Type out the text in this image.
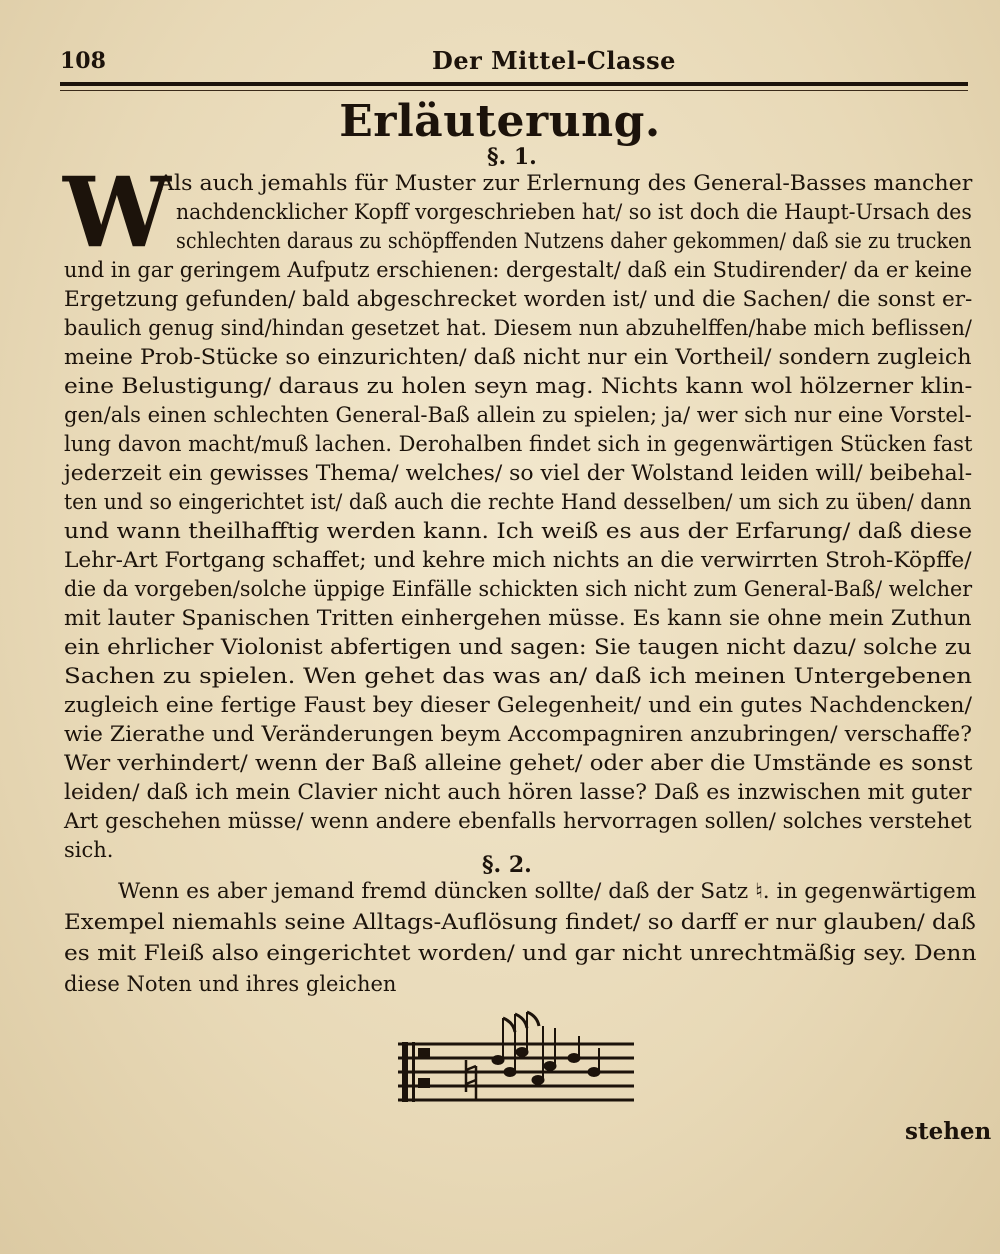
108	Der Mittel-Classe
Erläuterung.
§. 1.
W
Als auch jemahls für Muster zur Erlernung des General-Basses mancher
nachdencklicher Kopff vorgeschrieben hat/ so ist doch die Haupt-Ursach des
schlechten daraus zu schöpffenden Nutzens daher gekommen/ daß sie zu trucken
und in gar geringem Aufputz erschienen: dergestalt/ daß ein Studirender/ da er keine
Ergetzung gefunden/ bald abgeschrecket worden ist/ und die Sachen/ die sonst er-
baulich genug sind/hindan gesetzet hat. Diesem nun abzuhelffen/habe mich beflissen/
meine Prob-Stücke so einzurichten/ daß nicht nur ein Vortheil/ sondern zugleich
eine Belustigung/ daraus zu holen seyn mag. Nichts kann wol hölzerner klin-
gen/als einen schlechten General-Baß allein zu spielen; ja/ wer sich nur eine Vorstel-
lung davon macht/muß lachen. Derohalben findet sich in gegenwärtigen Stücken fast
jederzeit ein gewisses Thema/ welches/ so viel der Wolstand leiden will/ beibehal-
ten und so eingerichtet ist/ daß auch die rechte Hand desselben/ um sich zu üben/ dann
und wann theilhafftig werden kann. Ich weiß es aus der Erfarung/ daß diese
Lehr-Art Fortgang schaffet; und kehre mich nichts an die verwirrten Stroh-Köpffe/
die da vorgeben/solche üppige Einfälle schickten sich nicht zum General-Baß/ welcher
mit lauter Spanischen Tritten einhergehen müsse. Es kann sie ohne mein Zuthun
ein ehrlicher Violonist abfertigen und sagen: Sie taugen nicht dazu/ solche zu
Sachen zu spielen. Wen gehet das was an/ daß ich meinen Untergebenen
zugleich eine fertige Faust bey dieser Gelegenheit/ und ein gutes Nachdencken/
wie Zierathe und Veränderungen beym Accompagniren anzubringen/ verschaffe?
Wer verhindert/ wenn der Baß alleine gehet/ oder aber die Umstände es sonst
leiden/ daß ich mein Clavier nicht auch hören lasse? Daß es inzwischen mit guter
Art geschehen müsse/ wenn andere ebenfalls hervorragen sollen/ solches verstehet
sich.
§. 2.
Wenn es aber jemand fremd düncken sollte/ daß der Satz ♮. in gegenwärtigem
Exempel niemahls seine Alltags-Auflösung findet/ so darff er nur glauben/ daß
es mit Fleiß also eingerichtet worden/ und gar nicht unrechtmäßig sey. Denn
diese Noten und ihres gleichen
stehen
